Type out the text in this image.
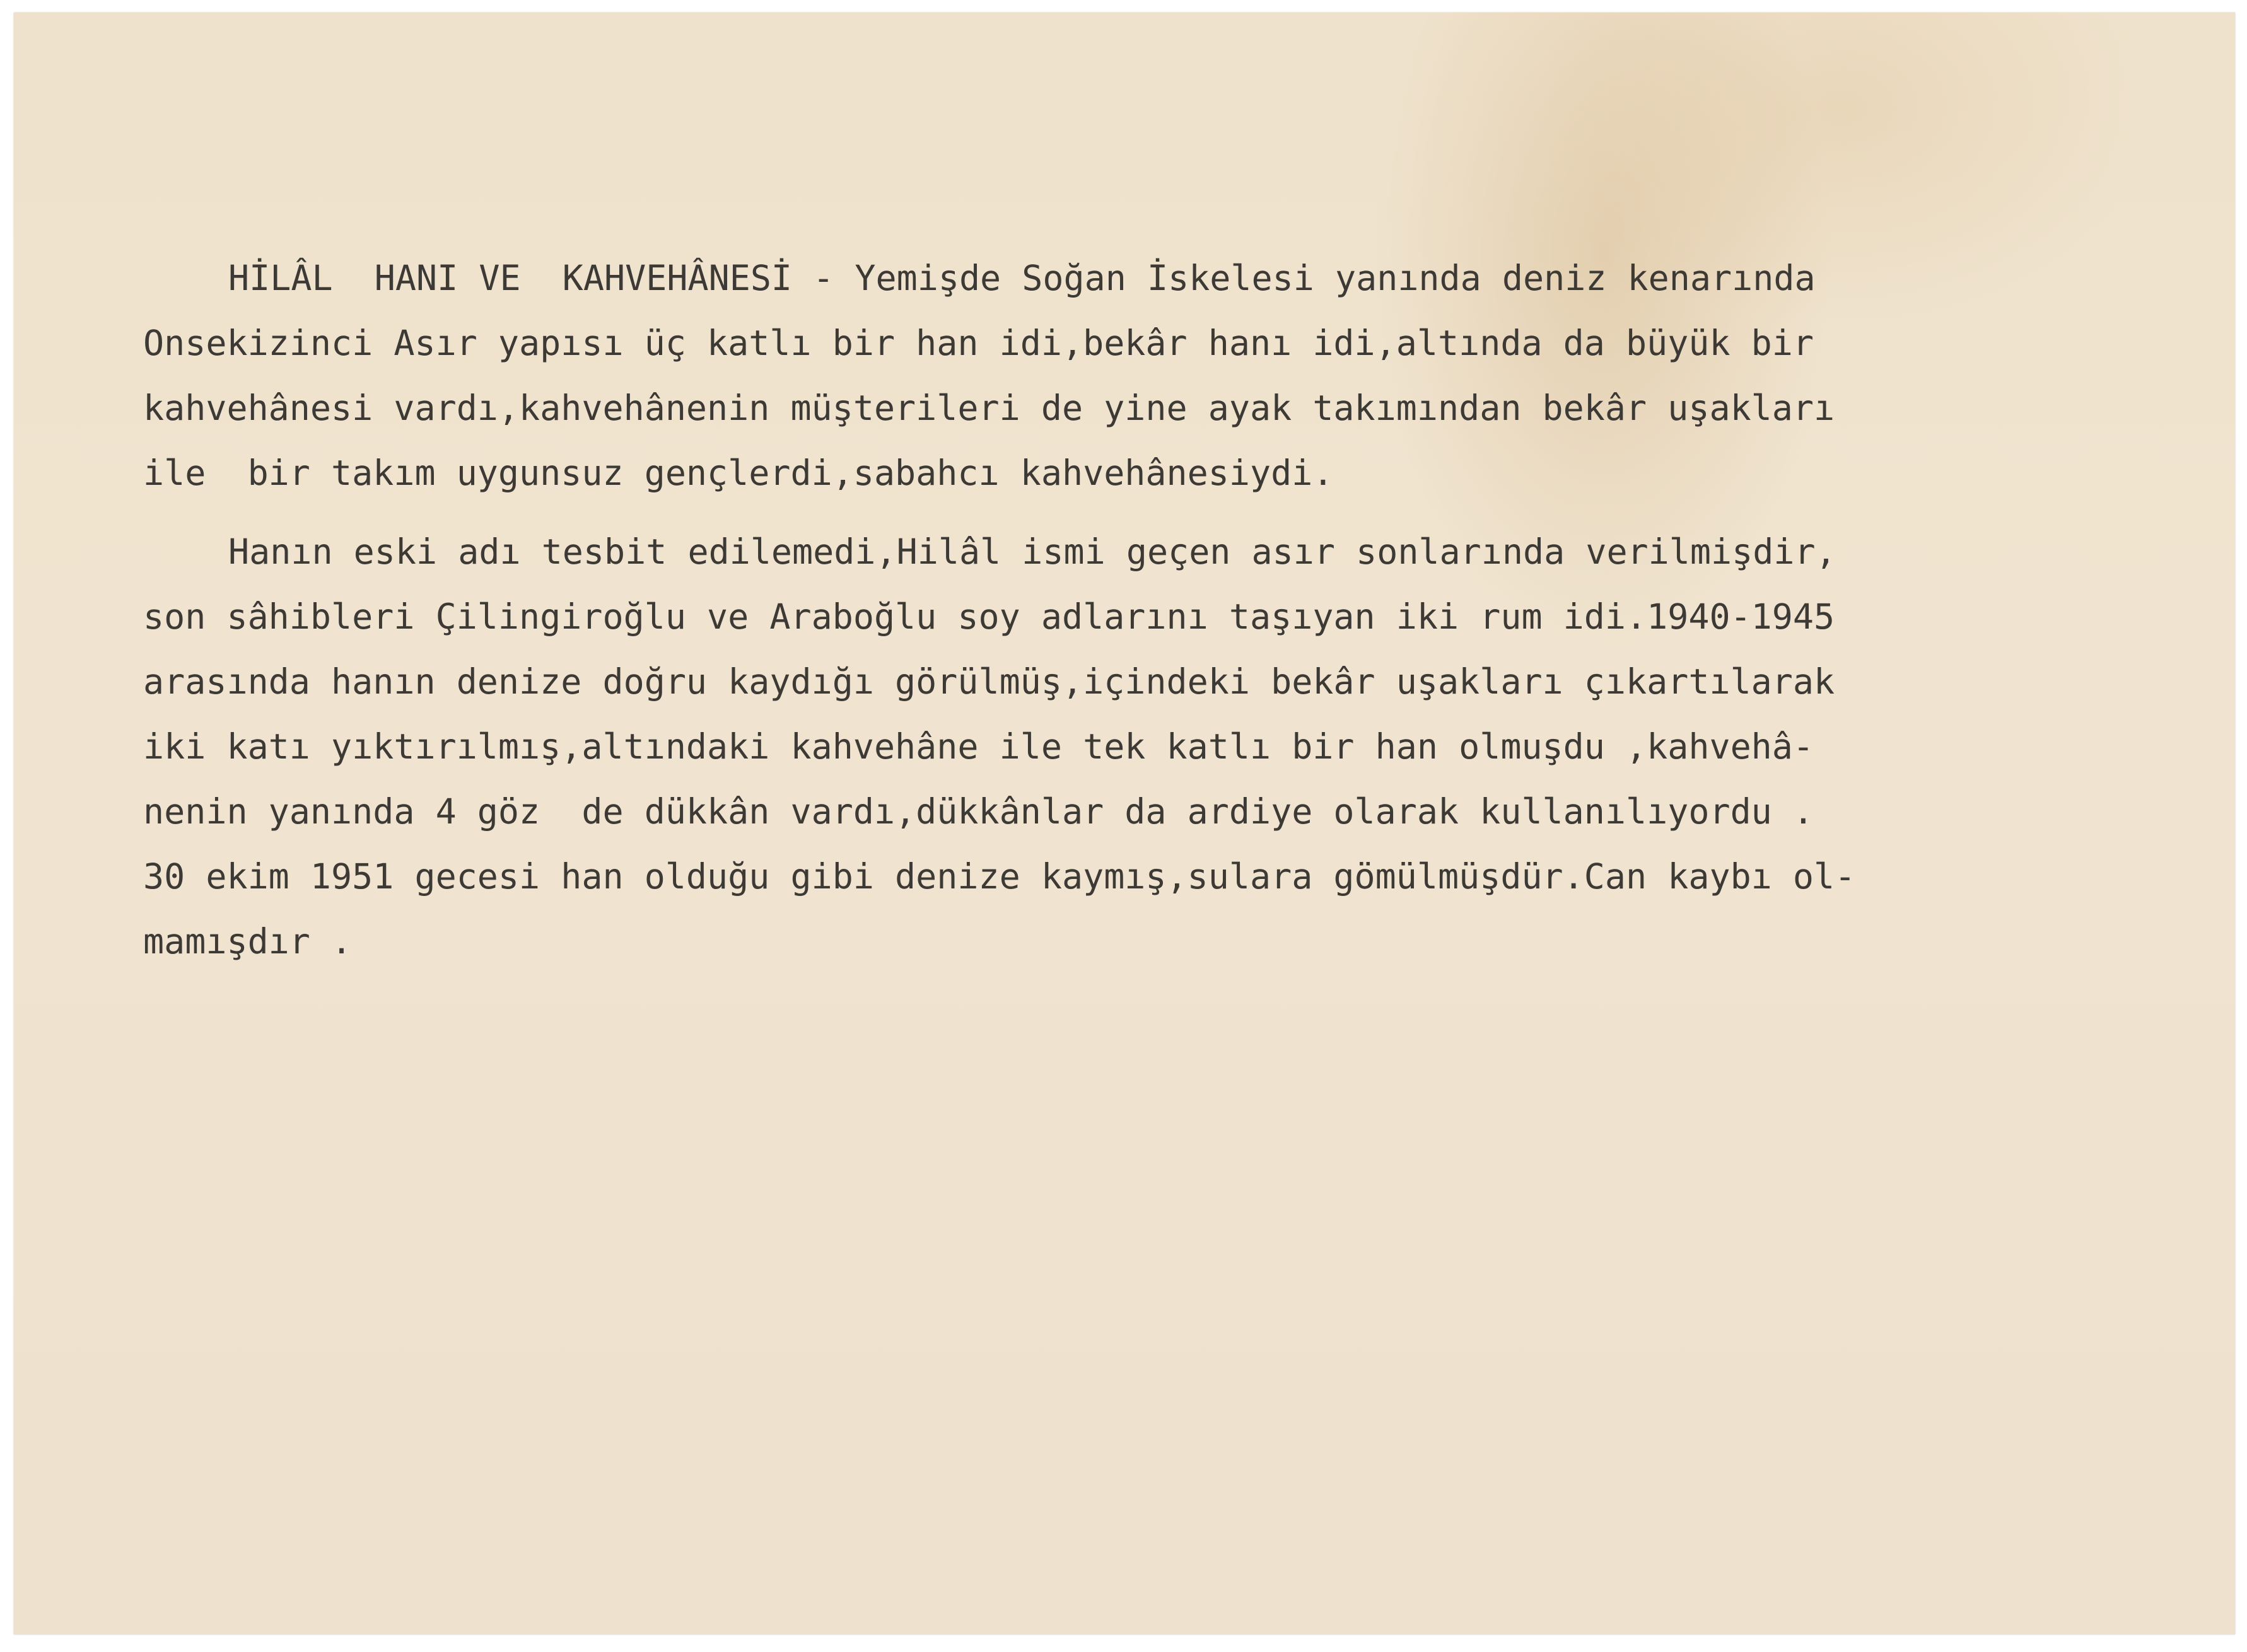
HİLÂL  HANI VE  KAHVEHÂNESİ - Yemişde Soğan İskelesi yanında deniz kenarında
Onsekizinci Asır yapısı üç katlı bir han idi,bekâr hanı idi,altında da büyük bir
kahvehânesi vardı,kahvehânenin müşterileri de yine ayak takımından bekâr uşakları
ile  bir takım uygunsuz gençlerdi,sabahcı kahvehânesiydi.
Hanın eski adı tesbit edilemedi,Hilâl ismi geçen asır sonlarında verilmişdir,
son sâhibleri Çilingiroğlu ve Araboğlu soy adlarını taşıyan iki rum idi.1940-1945
arasında hanın denize doğru kaydığı görülmüş,içindeki bekâr uşakları çıkartılarak
iki katı yıktırılmış,altındaki kahvehâne ile tek katlı bir han olmuşdu ,kahvehâ-
nenin yanında 4 göz  de dükkân vardı,dükkânlar da ardiye olarak kullanılıyordu .
30 ekim 1951 gecesi han olduğu gibi denize kaymış,sulara gömülmüşdür.Can kaybı ol-
mamışdır .
